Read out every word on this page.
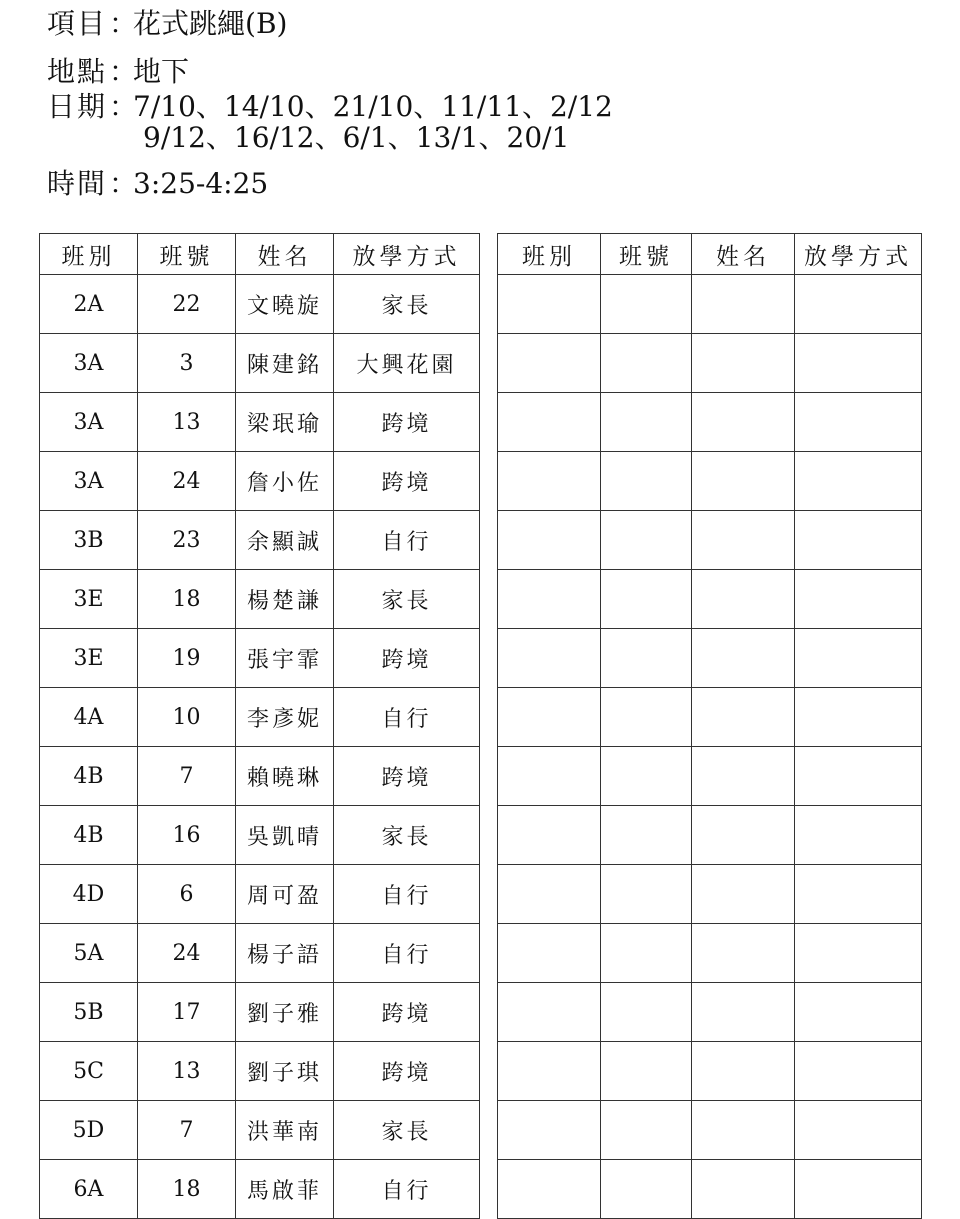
項目：花式跳繩(B)
地點：地下
日期：7/10、14/10、21/10、11/11、2/12
9/12、16/12、6/1、13/1、20/1
時間：3:25-4:25
班別	班號	姓名	放學方式
2A	22	文曉旋	家長
3A	3	陳建銘	大興花園
3A	13	梁珉瑜	跨境
3A	24	詹小佐	跨境
3B	23	余顯誠	自行
3E	18	楊楚謙	家長
3E	19	張宇霏	跨境
4A	10	李彥妮	自行
4B	7	賴曉琳	跨境
4B	16	吳凱晴	家長
4D	6	周可盈	自行
5A	24	楊子語	自行
5B	17	劉子雅	跨境
5C	13	劉子琪	跨境
5D	7	洪華南	家長
6A	18	馬啟菲	自行
班別	班號	姓名	放學方式
